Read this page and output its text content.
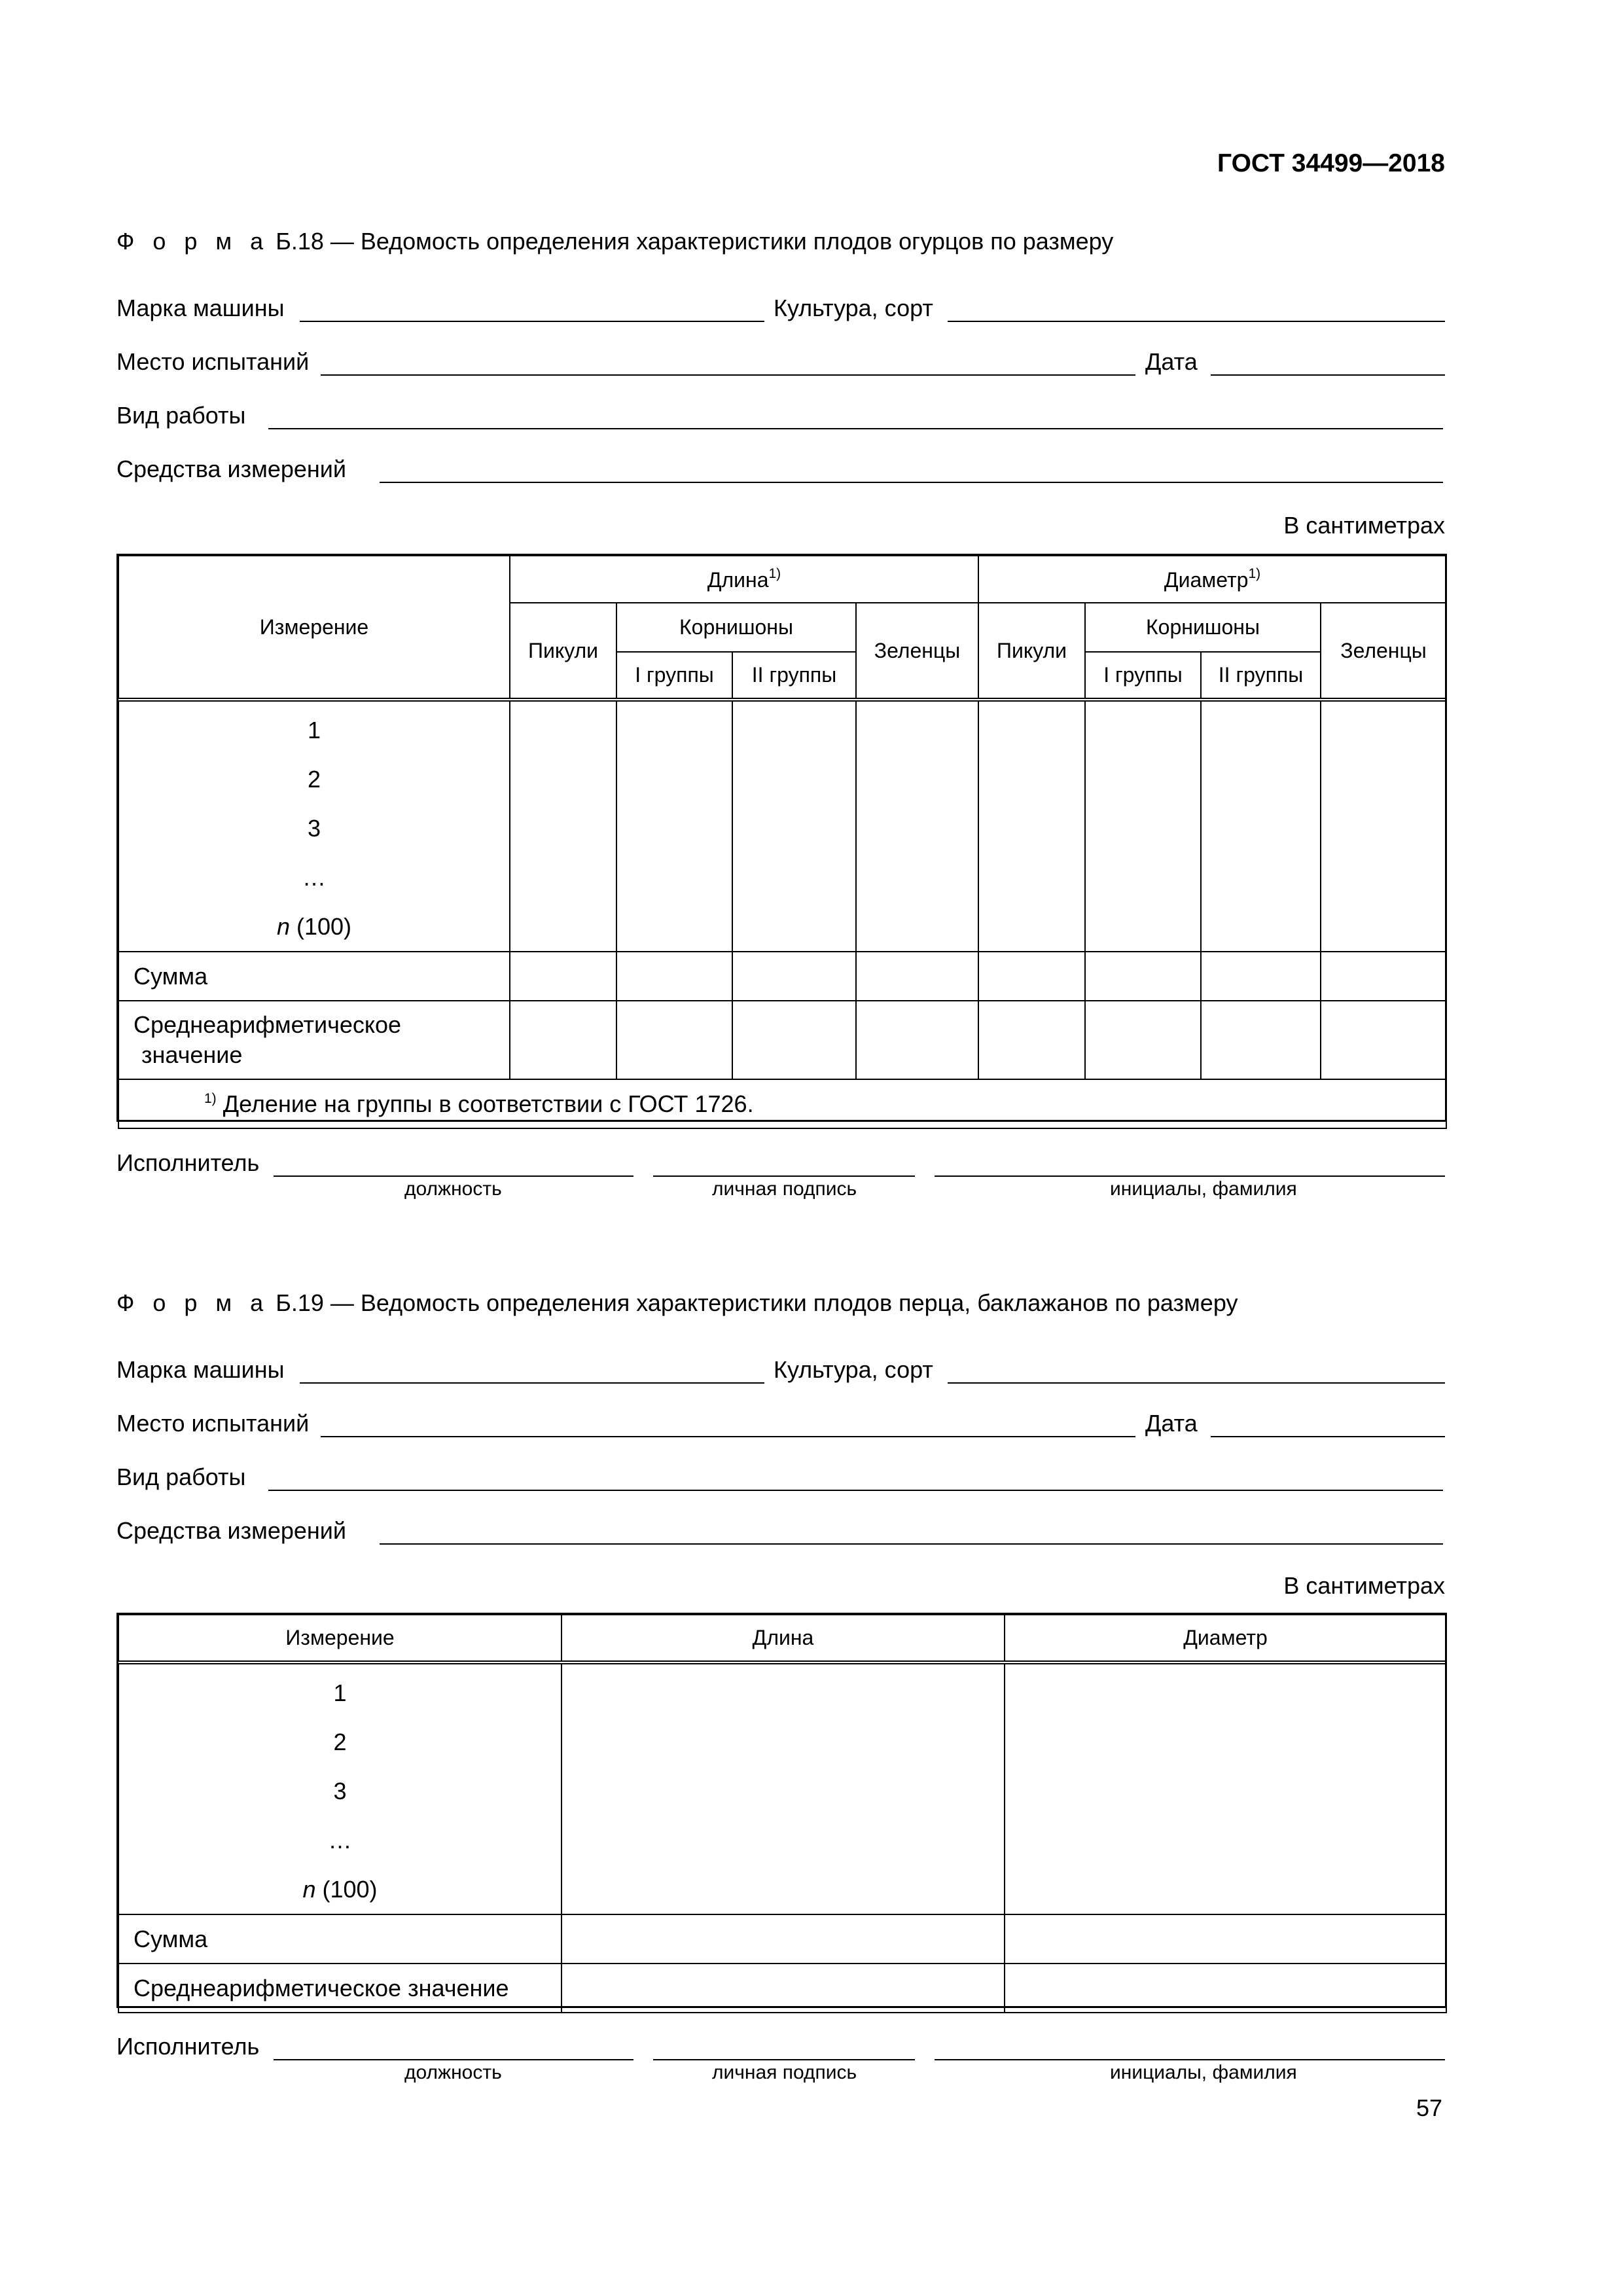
ГОСТ 34499—2018
Ф о р м а Б.18 — Ведомость определения характеристики плодов огурцов по размеру
Марка машины	Культура, сорт
Место испытаний	Дата
Вид работы
Средства измерений
В сантиметрах
Измерение	Длина$^{1)}$				Диаметр$^{1)}$
	Пикули	Корнишоны		Зеленцы	Пикули	Корнишоны		Зеленцы
		I группы	II группы			I группы	II группы	

1
2
3
…
n (100)								

Сумма								

Среднеарифметическое
значение								

$^{1)}$ Деление на группы в соответствии с ГОСТ 1726.								
Исполнитель
должность	личная подпись	инициалы, фамилия
Ф о р м а Б.19 — Ведомость определения характеристики плодов перца, баклажанов по размеру
Марка машины	Культура, сорт
Место испытаний	Дата
Вид работы
Средства измерений
В сантиметрах
Измерение	Длина	Диаметр

1
2
3
…
n (100)		

Сумма		
Среднеарифметическое значение		
Исполнитель
должность	личная подпись	инициалы, фамилия
57
